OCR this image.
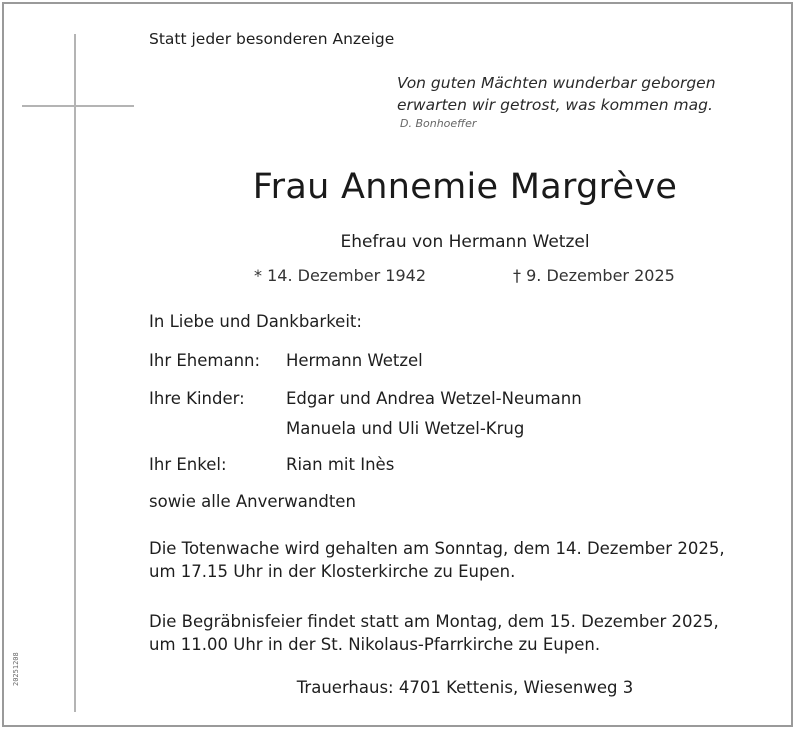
Statt jeder besonderen Anzeige
Von guten Mächten wunderbar geborgen
erwarten wir getrost, was kommen mag.
D. Bonhoeffer
Frau Annemie Margrève
Ehefrau von Hermann Wetzel
* 14. Dezember 1942	† 9. Dezember 2025
In Liebe und Dankbarkeit:
Ihr Ehemann: Hermann Wetzel
Ihre Kinder:	Edgar und Andrea Wetzel-Neumann
Manuela und Uli Wetzel-Krug
Ihr Enkel:	Rian mit Inès
sowie alle Anverwandten
Die Totenwache wird gehalten am Sonntag, dem 14. Dezember 2025,
um 17.15 Uhr in der Klosterkirche zu Eupen.
Die Begräbnisfeier findet statt am Montag, dem 15. Dezember 2025,
um 11.00 Uhr in der St. Nikolaus-Pfarrkirche zu Eupen.
Trauerhaus: 4701 Kettenis, Wiesenweg 3
20251208
